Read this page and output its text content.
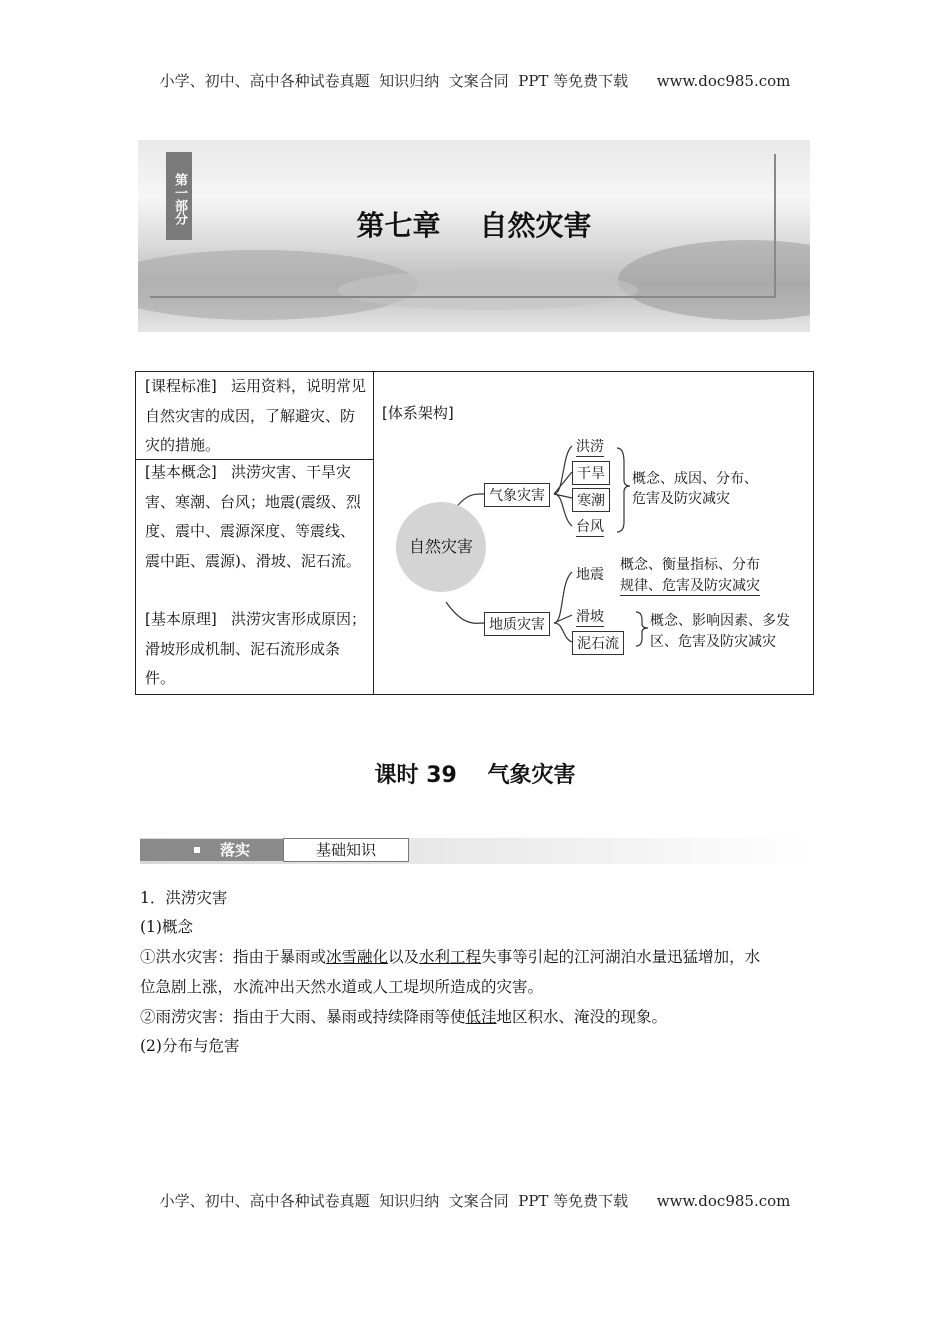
小学、初中、高中各种试卷真题  知识归纳  文案合同  PPT 等免费下载      www.doc985.com
第一部分
第七章    自然灾害
[课程标准] 运用资料，说明常见自然灾害的成因，了解避灾、防灾的措施。
[基本概念] 洪涝灾害、干旱灾害、寒潮、台风；地震(震级、烈度、震中、震源深度、等震线、震中距、震源)、滑坡、泥石流。
[基本原理] 洪涝灾害形成原因；滑坡形成机制、泥石流形成条件。
[体系架构]
自然灾害
气象灾害
地质灾害
洪涝
干旱
寒潮
台风
概念、成因、分布、
危害及防灾减灾
地震
概念、衡量指标、分布
规律、危害及防灾减灾
滑坡
泥石流
概念、影响因素、多发
区、危害及防灾减灾
课时 39    气象灾害
落实	基础知识
1．洪涝灾害
(1)概念
①洪水灾害：指由于暴雨或冰雪融化以及水利工程失事等引起的江河湖泊水量迅猛增加，水
位急剧上涨，水流冲出天然水道或人工堤坝所造成的灾害。
②雨涝灾害：指由于大雨、暴雨或持续降雨等使低洼地区积水、淹没的现象。
(2)分布与危害
小学、初中、高中各种试卷真题  知识归纳  文案合同  PPT 等免费下载      www.doc985.com
